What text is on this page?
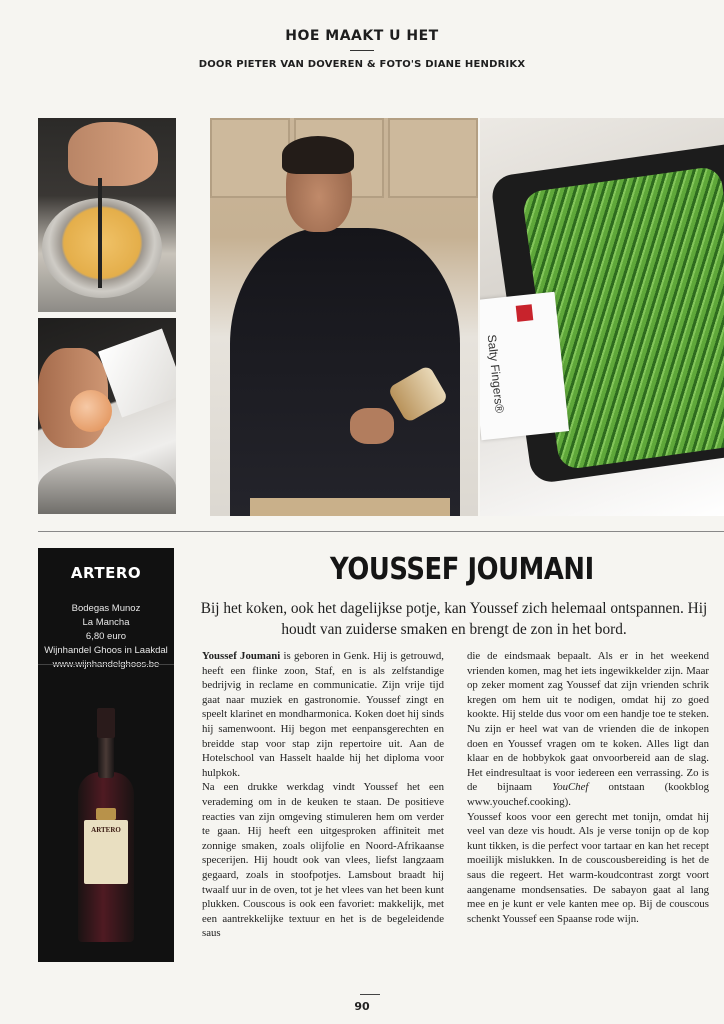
HOE MAAKT U HET
DOOR PIETER VAN DOVEREN & FOTO'S DIANE HENDRIKX
Salty Fingers®
ARTERO
Bodegas Munoz
La Mancha
6,80 euro
Wijnhandel Ghoos in Laakdal
ARTERO
YOUSSEF JOUMANI
Bij het koken, ook het dagelijkse potje, kan Youssef zich helemaal ontspannen. Hij houdt van zuiderse smaken en brengt de zon in het bord.

Youssef Joumani is geboren in Genk. Hij is getrouwd, heeft een flinke zoon, Staf, en is als zelfstandige bedrijvig in reclame en communicatie. Zijn vrije tijd gaat naar muziek en gastronomie. Youssef zingt en speelt klarinet en mondharmonica. Koken doet hij sinds hij samenwoont. Hij begon met eenpansgerechten en breidde stap voor stap zijn repertoire uit. Aan de Hotelschool van Hasselt haalde hij het diploma voor hulpkok.

Na een drukke werkdag vindt Youssef het een verademing om in de keuken te staan. De positieve reacties van zijn omgeving stimuleren hem om verder te gaan. Hij heeft een uitgesproken affiniteit met zonnige smaken, zoals olijfolie en Noord-Afrikaanse specerijen. Hij houdt ook van vlees, liefst langzaam gegaard, zoals in stoofpotjes. Lamsbout braadt hij twaalf uur in de oven, tot je het vlees van het been kunt plukken. Couscous is ook een favoriet: makkelijk, met een aantrekkelijke textuur en het is de begeleidende saus

die de eindsmaak bepaalt. Als er in het weekend vrienden komen, mag het iets ingewikkelder zijn. Maar op zeker moment zag Youssef dat zijn vrienden schrik kregen om hem uit te nodigen, omdat hij zo goed kookte. Hij stelde dus voor om een handje toe te steken. Nu zijn er heel wat van de vrienden die de inkopen doen en Youssef vragen om te koken. Alles ligt dan klaar en de hobbykok gaat onvoorbereid aan de slag. Het eindresultaat is voor iedereen een verrassing. Zo is de bijnaam YouChef ontstaan (kookblog www.youchef.cooking).

Youssef koos voor een gerecht met tonijn, omdat hij veel van deze vis houdt. Als je verse tonijn op de kop kunt tikken, is die perfect voor tartaar en kan het recept moeilijk mislukken. In de couscousbereiding is het de saus die regeert. Het warm-koudcontrast zorgt voort aangename mondsensaties. De sabayon gaat al lang mee en je kunt er vele kanten mee op. Bij de couscous schenkt Youssef een Spaanse rode wijn.

90
